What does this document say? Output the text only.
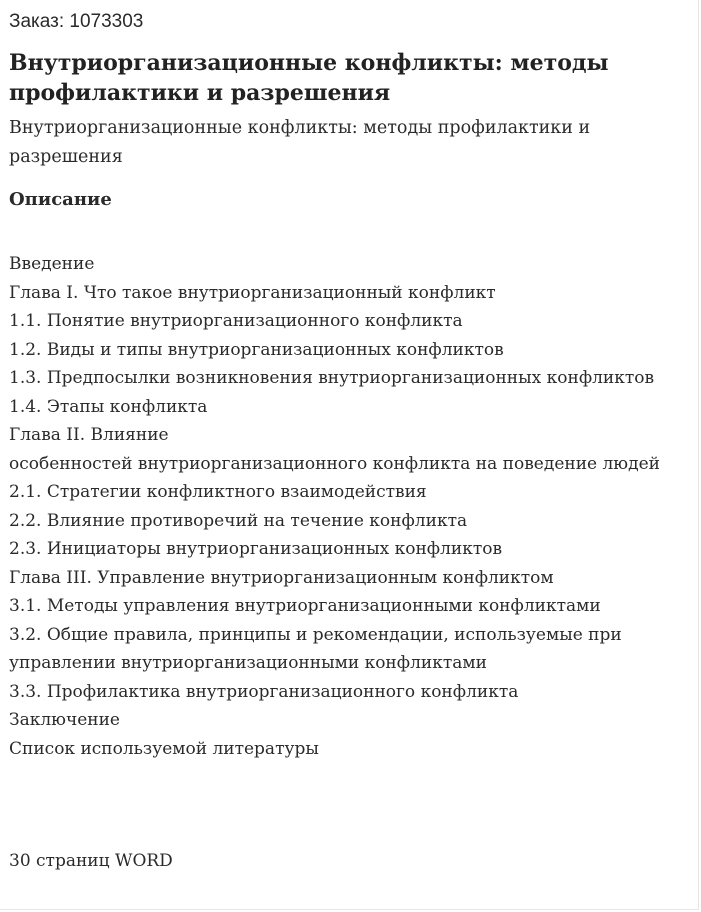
Заказ: 1073303

Внутриорганизационные конфликты: методы профилактики и разрешения

Внутриорганизационные конфликты: методы профилактики и разрешения

Описание
Введение
Глава I. Что такое внутриорганизационный конфликт
1.1. Понятие внутриорганизационного конфликта
1.2. Виды и типы внутриорганизационных конфликтов
1.3. Предпосылки возникновения внутриорганизационных конфликтов
1.4. Этапы конфликта
Глава II. Влияние
особенностей внутриорганизационного конфликта на поведение людей
2.1. Стратегии конфликтного взаимодействия
2.2. Влияние противоречий на течение конфликта
2.3. Инициаторы внутриорганизационных конфликтов
Глава III. Управление внутриорганизационным конфликтом
3.1. Методы управления внутриорганизационными конфликтами
3.2. Общие правила, принципы и рекомендации, используемые при управлении внутриорганизационными конфликтами
3.3. Профилактика внутриорганизационного конфликта
Заключение
Список используемой литературы

30 страниц WORD
